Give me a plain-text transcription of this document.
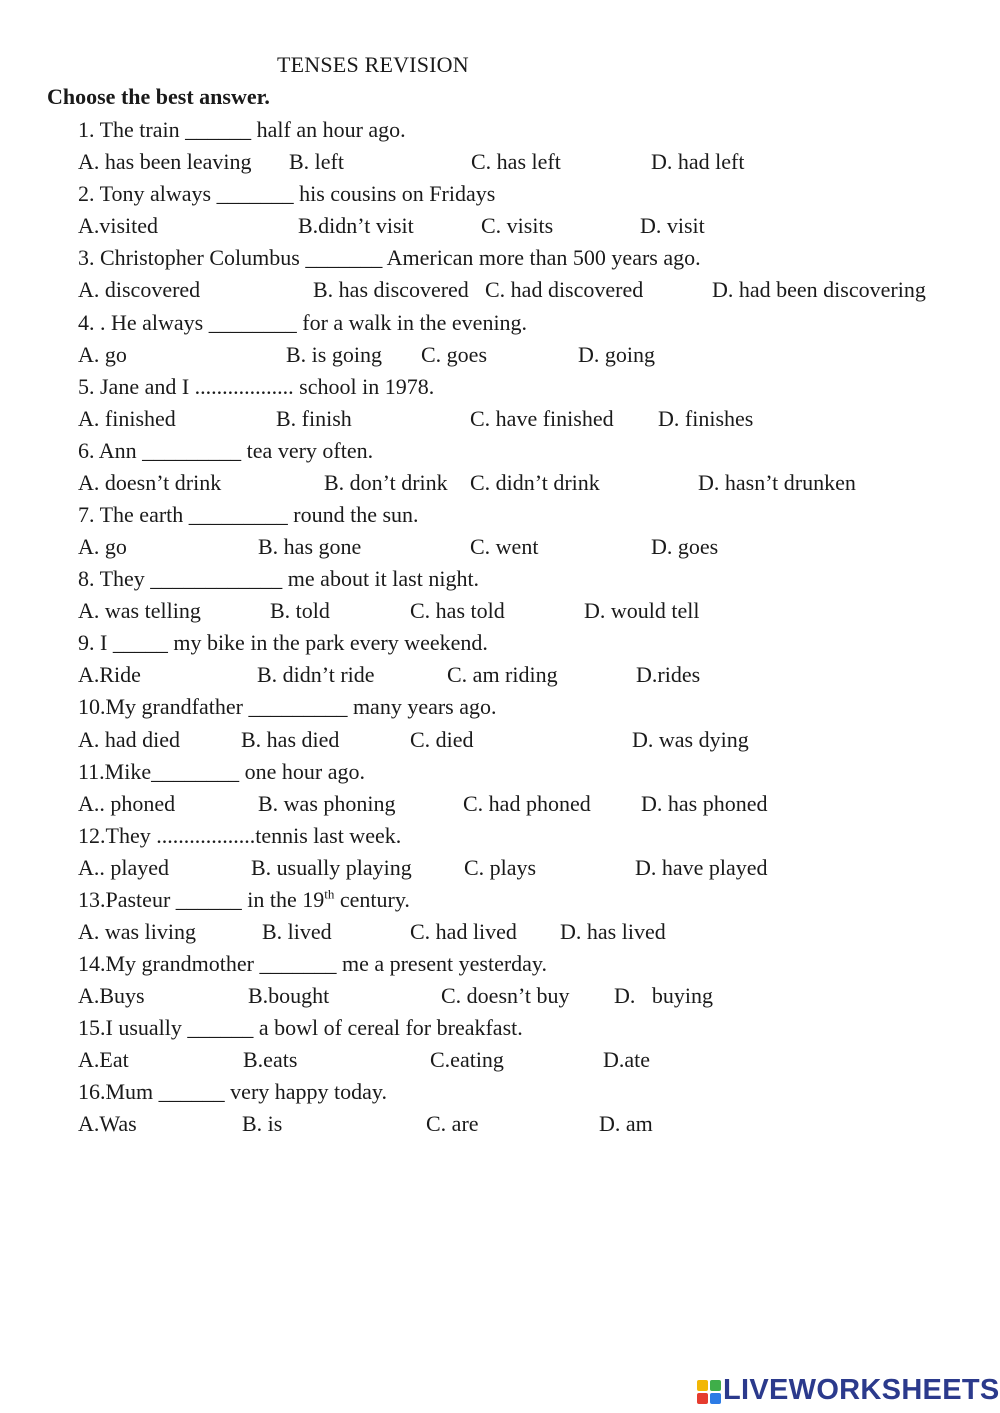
TENSES REVISION

Choose the best answer.

1. The train ______ half an hour ago.
A. has been leaving B. left	C. has left	D. had left
2. Tony always _______ his cousins on Fridays
A.visited	B.didn’t visit	C. visits	D. visit
3. Christopher Columbus _______ American more than 500 years ago.
A. discovered	B. has discovered C. had discovered	D. had been discovering
4. . He always ________ for a walk in the evening.
A. go	B. is going C. goes	D. going
5. Jane and I .................. school in 1978.
A. finished	B. finish	C. have finished D. finishes
6. Ann _________ tea very often.
A. doesn’t drink	B. don’t drink C. didn’t drink	D. hasn’t drunken
7. The earth _________ round the sun.
A. go	B. has gone	C. went	D. goes
8. They ____________ me about it last night.
A. was telling	B. told	C. has told	D. would tell
9. I _____ my bike in the park every weekend.
A.Ride	B. didn’t ride	C. am riding	D.rides
10.My grandfather _________ many years ago.
A. had died	B. has died	C. died	D. was dying
11.Mike________ one hour ago.
A.. phoned	B. was phoning	C. had phoned D. has phoned
12.They ..................tennis last week.
A.. played	B. usually playing C. plays	D. have played
13.Pasteur ______ in the 19th century.
A. was living	B. lived	C. had lived D. has lived
14.My grandmother _______ me a present yesterday.
A.Buys	B.bought	C. doesn’t buy D.   buying
15.I usually ______ a bowl of cereal for breakfast.
A.Eat	B.eats	C.eating	D.ate
16.Mum ______ very happy today.
A.Was	B. is	C. are	D. am
LIVEWORKSHEETS
